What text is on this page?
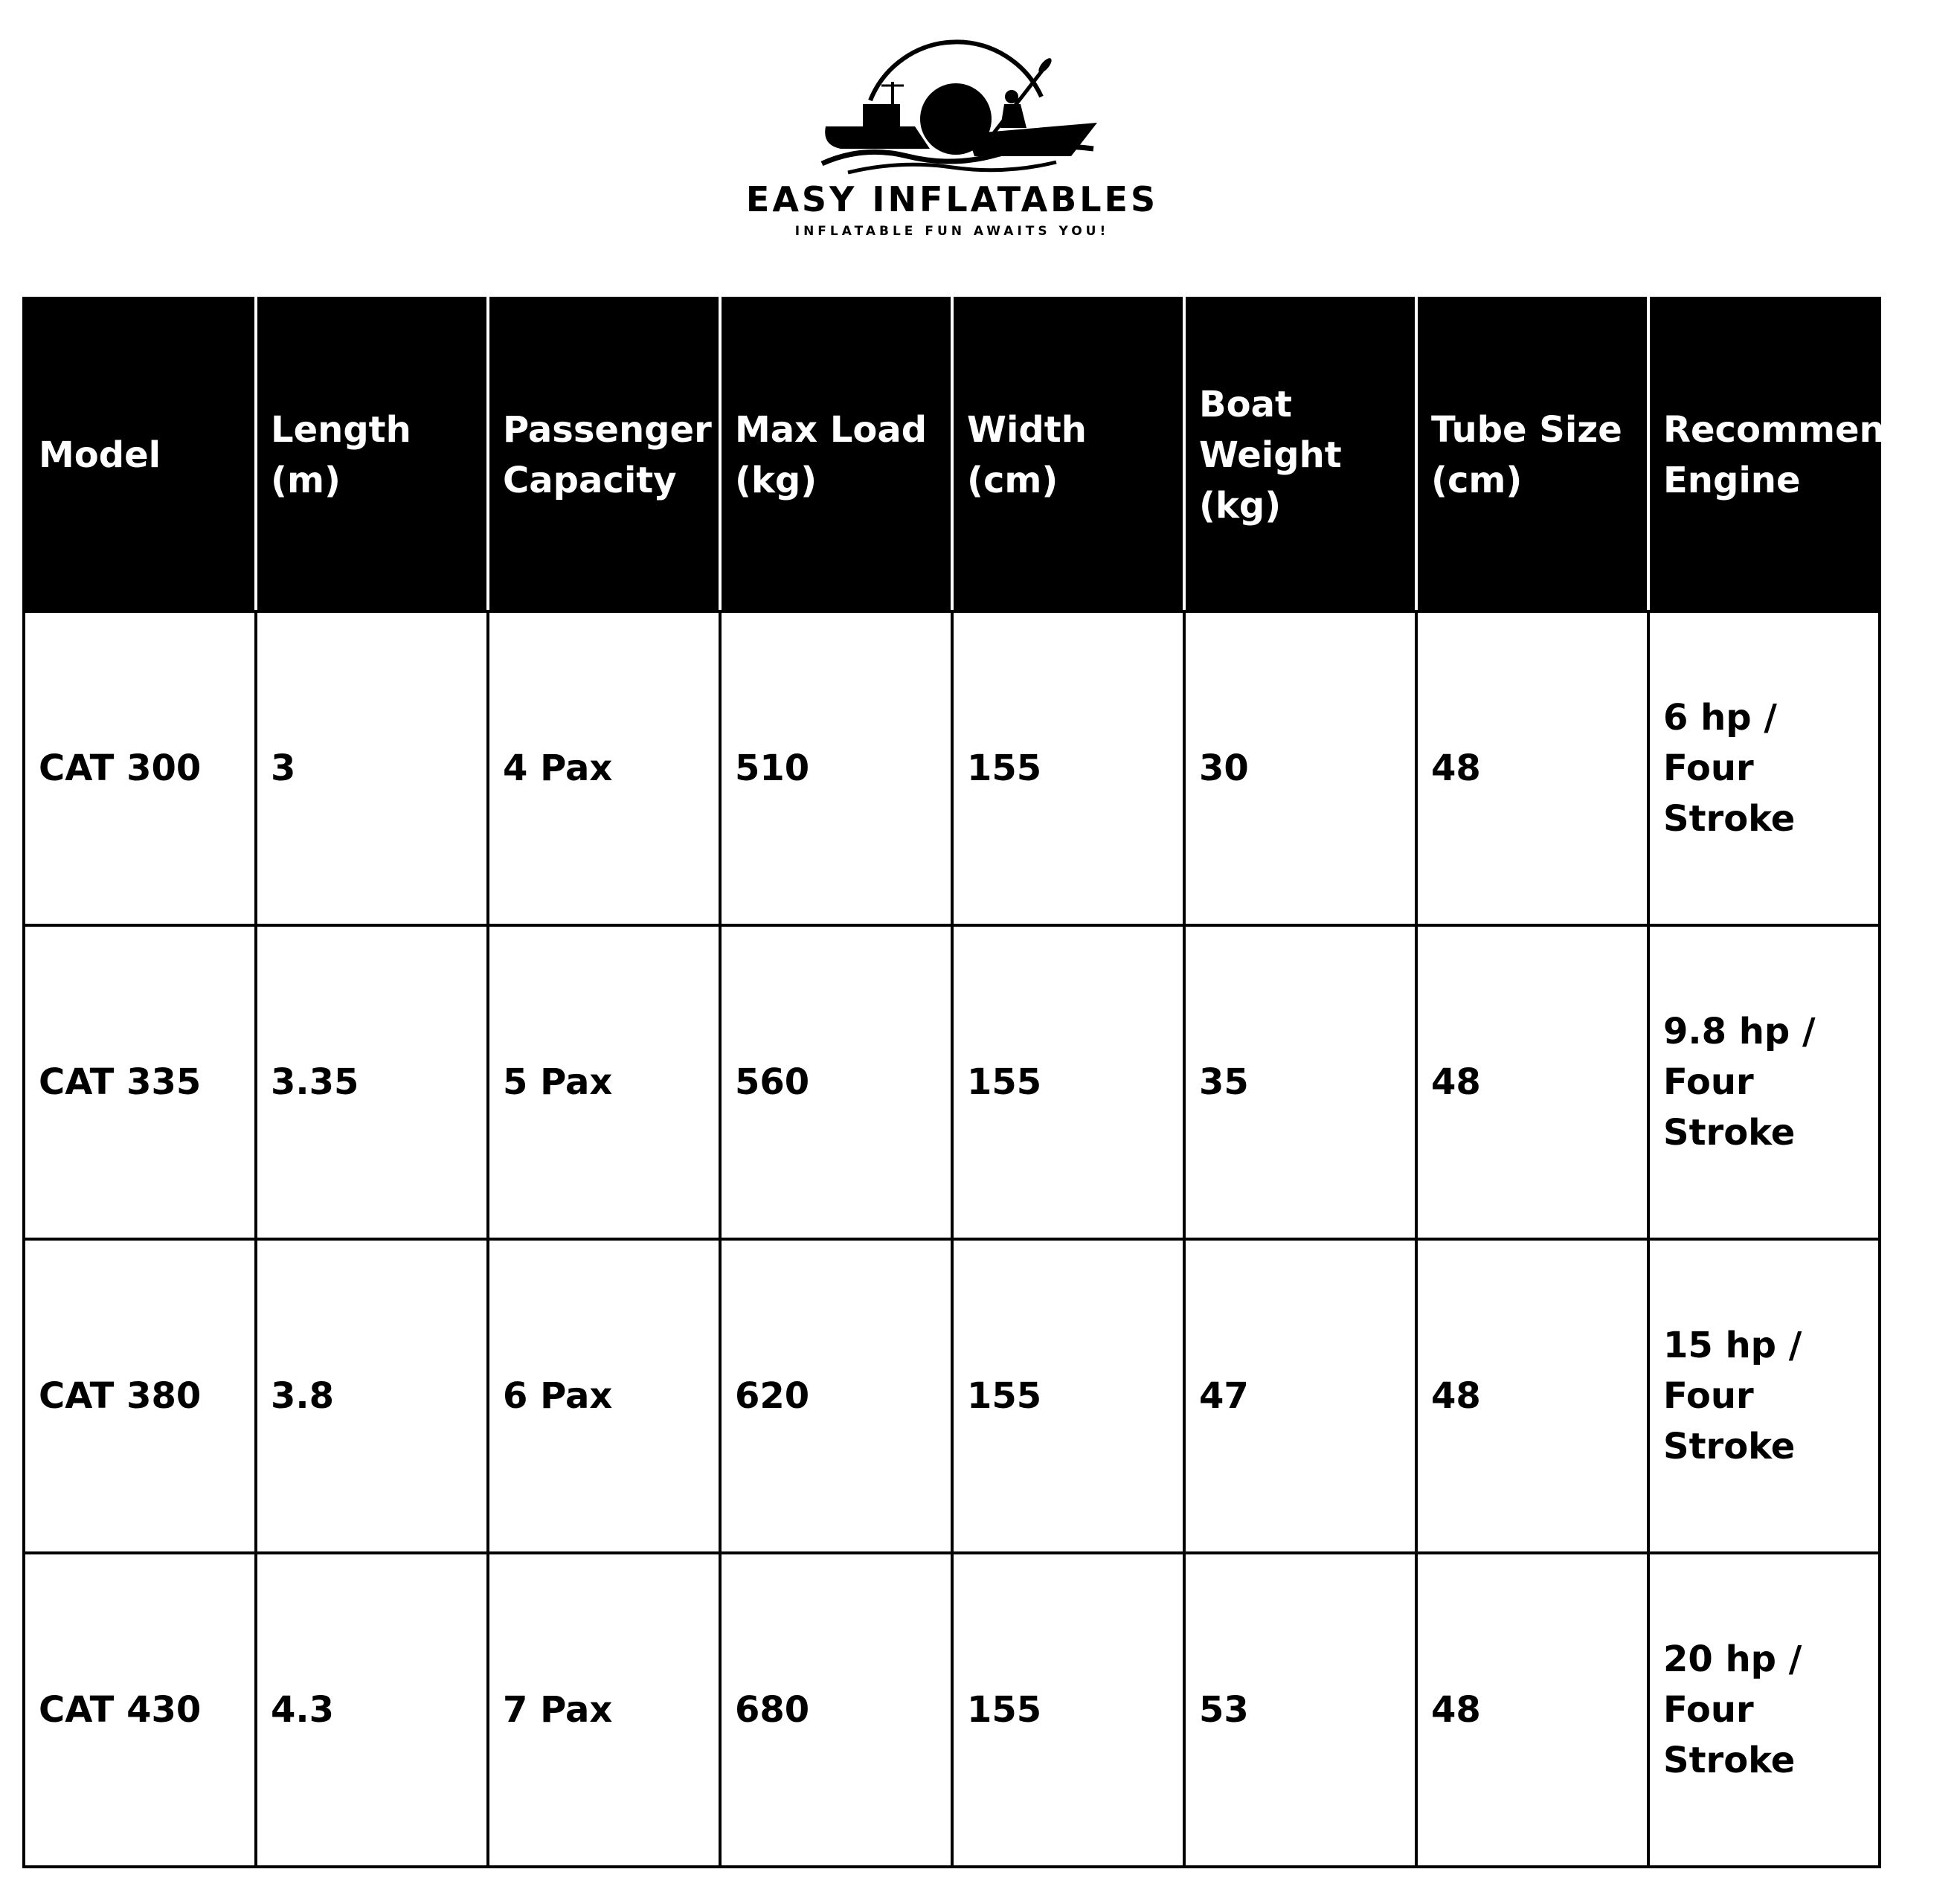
EASY INFLATABLES
INFLATABLE FUN AWAITS YOU!
Model	Length (m)	Passenger Capacity	Max Load (kg)	Width (cm)	Boat Weight (kg)	Tube Size (cm)	Recommended Engine
CAT 300	3	4 Pax	510	155	30	48	6 hp / Four Stroke
CAT 335	3.35	5 Pax	560	155	35	48	9.8 hp / Four Stroke
CAT 380	3.8	6 Pax	620	155	47	48	15 hp / Four Stroke
CAT 430	4.3	7 Pax	680	155	53	48	20 hp / Four Stroke
